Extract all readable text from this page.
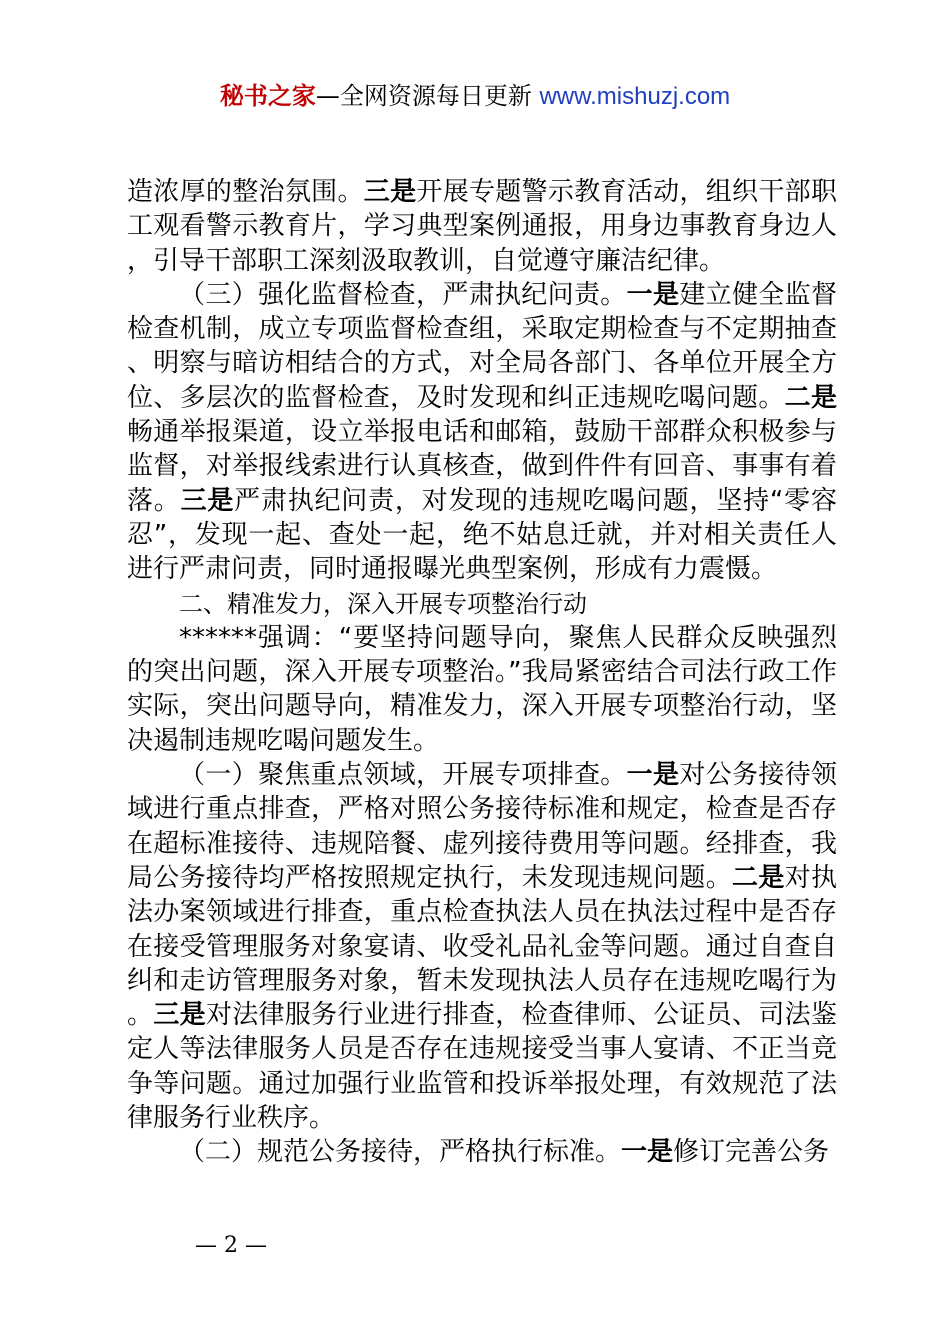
秘书之家—全网资源每日更新 www.mishuzj.com

造浓厚的整治氛围。三是开展专题警示教育活动，组织干部职工观看警示教育片，学习典型案例通报，用身边事教育身边人，引导干部职工深刻汲取教训，自觉遵守廉洁纪律。

（三）强化监督检查，严肃执纪问责。一是建立健全监督检查机制，成立专项监督检查组，采取定期检查与不定期抽查、明察与暗访相结合的方式，对全局各部门、各单位开展全方位、多层次的监督检查，及时发现和纠正违规吃喝问题。二是畅通举报渠道，设立举报电话和邮箱，鼓励干部群众积极参与监督，对举报线索进行认真核查，做到件件有回音、事事有着落。三是严肃执纪问责，对发现的违规吃喝问题，坚持“零容忍”，发现一起、查处一起，绝不姑息迁就，并对相关责任人进行严肃问责，同时通报曝光典型案例，形成有力震慑。

二、精准发力，深入开展专项整治行动

******强调：“要坚持问题导向，聚焦人民群众反映强烈的突出问题，深入开展专项整治。”我局紧密结合司法行政工作实际，突出问题导向，精准发力，深入开展专项整治行动，坚决遏制违规吃喝问题发生。

（一）聚焦重点领域，开展专项排查。一是对公务接待领域进行重点排查，严格对照公务接待标准和规定，检查是否存在超标准接待、违规陪餐、虚列接待费用等问题。经排查，我局公务接待均严格按照规定执行，未发现违规问题。二是对执法办案领域进行排查，重点检查执法人员在执法过程中是否存在接受管理服务对象宴请、收受礼品礼金等问题。通过自查自纠和走访管理服务对象，暂未发现执法人员存在违规吃喝行为。三是对法律服务行业进行排查，检查律师、公证员、司法鉴定人等法律服务人员是否存在违规接受当事人宴请、不正当竞争等问题。通过加强行业监管和投诉举报处理，有效规范了法律服务行业秩序。

（二）规范公务接待，严格执行标准。一是修订完善公务

— 2 —
